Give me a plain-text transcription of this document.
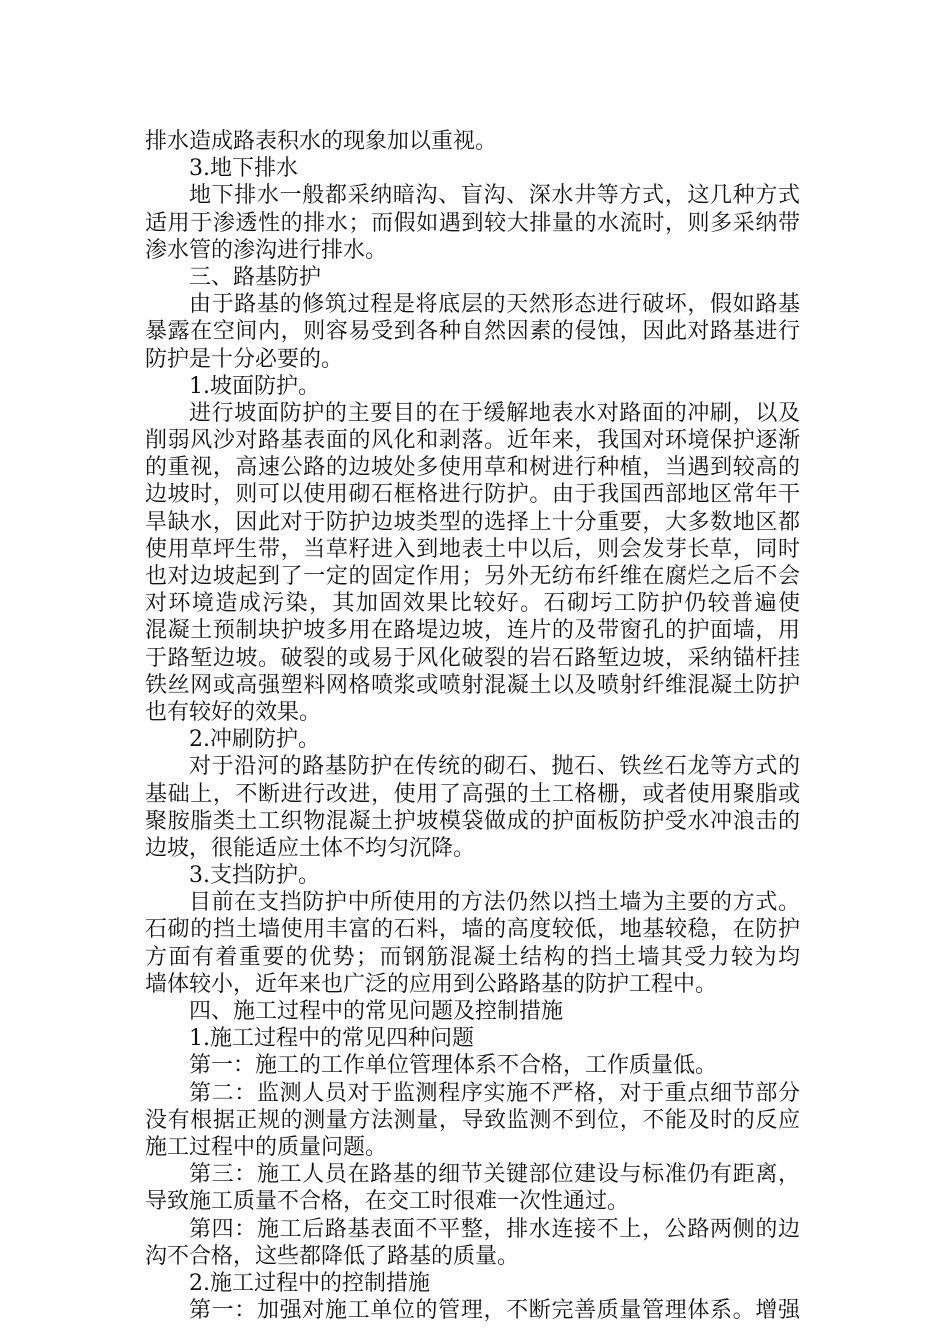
排水造成路表积水的现象加以重视。
3.地下排水
地下排水一般都采纳暗沟、盲沟、深水井等方式，这几种方式
适用于渗透性的排水；而假如遇到较大排量的水流时，则多采纳带
渗水管的渗沟进行排水。
三、路基防护
由于路基的修筑过程是将底层的天然形态进行破坏，假如路基
暴露在空间内，则容易受到各种自然因素的侵蚀，因此对路基进行
防护是十分必要的。
1.坡面防护。
进行坡面防护的主要目的在于缓解地表水对路面的冲刷，以及
削弱风沙对路基表面的风化和剥落。近年来，我国对环境保护逐渐
的重视，高速公路的边坡处多使用草和树进行种植，当遇到较高的
边坡时，则可以使用砌石框格进行防护。由于我国西部地区常年干
旱缺水，因此对于防护边坡类型的选择上十分重要，大多数地区都
使用草坪生带，当草籽进入到地表土中以后，则会发芽长草，同时
也对边坡起到了一定的固定作用；另外无纺布纤维在腐烂之后不会
对环境造成污染，其加固效果比较好。石砌圬工防护仍较普遍使
混凝土预制块护坡多用在路堤边坡，连片的及带窗孔的护面墙，用
于路堑边坡。破裂的或易于风化破裂的岩石路堑边坡，采纳锚杆挂
铁丝网或高强塑料网格喷浆或喷射混凝土以及喷射纤维混凝土防护
也有较好的效果。
2.冲刷防护。
对于沿河的路基防护在传统的砌石、抛石、铁丝石龙等方式的
基础上，不断进行改进，使用了高强的土工格栅，或者使用聚脂或
聚胺脂类土工织物混凝土护坡模袋做成的护面板防护受水冲浪击的
边坡，很能适应土体不均匀沉降。
3.支挡防护。
目前在支挡防护中所使用的方法仍然以挡土墙为主要的方式。
石砌的挡土墙使用丰富的石料，墙的高度较低，地基较稳，在防护
方面有着重要的优势；而钢筋混凝土结构的挡土墙其受力较为均
墙体较小，近年来也广泛的应用到公路路基的防护工程中。
四、施工过程中的常见问题及控制措施
1.施工过程中的常见四种问题
第一：施工的工作单位管理体系不合格，工作质量低。
第二：监测人员对于监测程序实施不严格，对于重点细节部分
没有根据正规的测量方法测量，导致监测不到位，不能及时的反应
施工过程中的质量问题。
第三：施工人员在路基的细节关键部位建设与标准仍有距离，
导致施工质量不合格，在交工时很难一次性通过。
第四：施工后路基表面不平整，排水连接不上，公路两侧的边
沟不合格，这些都降低了路基的质量。
2.施工过程中的控制措施
第一：加强对施工单位的管理，不断完善质量管理体系。增强
